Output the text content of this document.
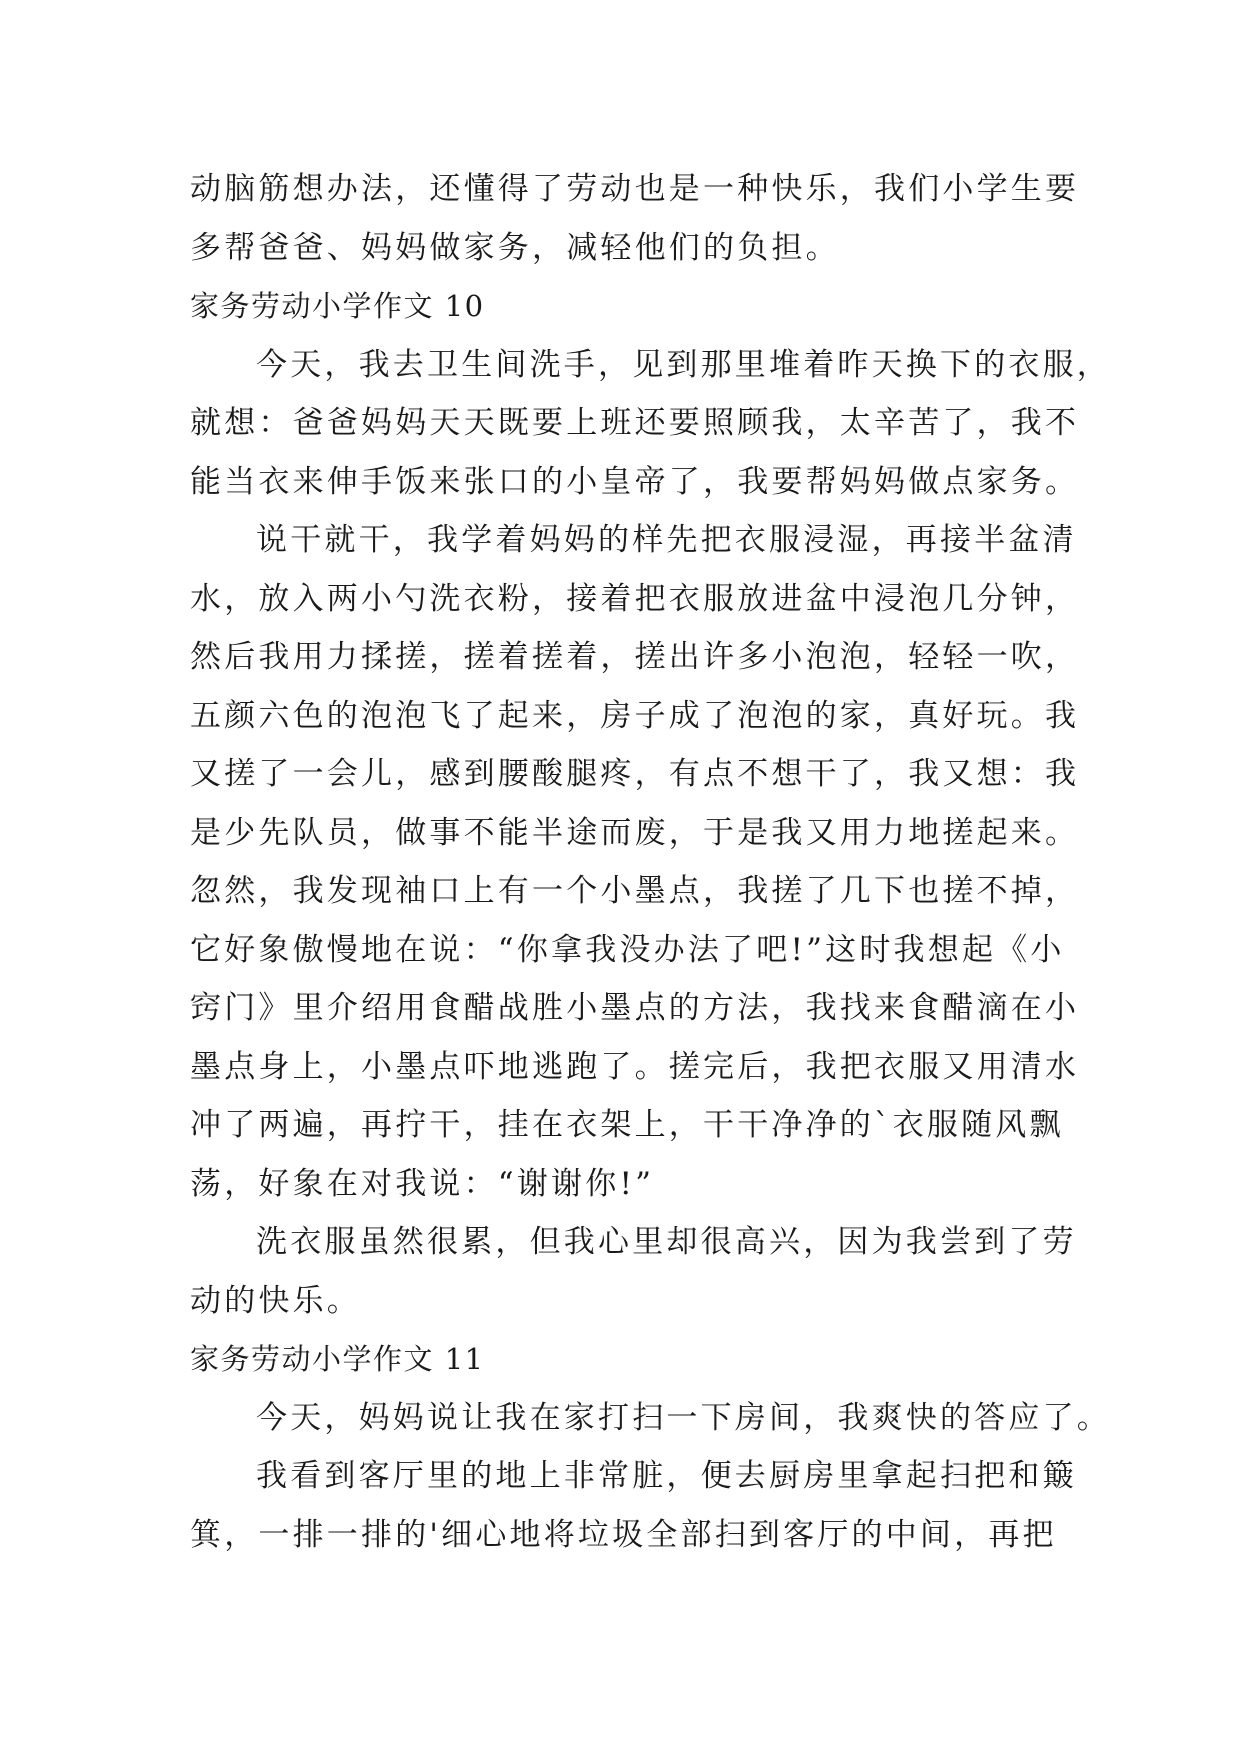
动脑筋想办法，还懂得了劳动也是一种快乐，我们小学生要
多帮爸爸、妈妈做家务，减轻他们的负担。
家务劳动小学作文 10
今天，我去卫生间洗手，见到那里堆着昨天换下的衣服，
就想：爸爸妈妈天天既要上班还要照顾我，太辛苦了，我不
能当衣来伸手饭来张口的小皇帝了，我要帮妈妈做点家务。
说干就干，我学着妈妈的样先把衣服浸湿，再接半盆清
水，放入两小勺洗衣粉，接着把衣服放进盆中浸泡几分钟，
然后我用力揉搓，搓着搓着，搓出许多小泡泡，轻轻一吹，
五颜六色的泡泡飞了起来，房子成了泡泡的家，真好玩。我
又搓了一会儿，感到腰酸腿疼，有点不想干了，我又想：我
是少先队员，做事不能半途而废，于是我又用力地搓起来。
忽然，我发现袖口上有一个小墨点，我搓了几下也搓不掉，
它好象傲慢地在说：“你拿我没办法了吧!”这时我想起《小
窍门》里介绍用食醋战胜小墨点的方法，我找来食醋滴在小
墨点身上，小墨点吓地逃跑了。搓完后，我把衣服又用清水
冲了两遍，再拧干，挂在衣架上，干干净净的`衣服随风飘
荡，好象在对我说：“谢谢你!”
洗衣服虽然很累，但我心里却很高兴，因为我尝到了劳
动的快乐。
家务劳动小学作文 11
今天，妈妈说让我在家打扫一下房间，我爽快的答应了。
我看到客厅里的地上非常脏，便去厨房里拿起扫把和簸
箕，一排一排的'细心地将垃圾全部扫到客厅的中间，再把
